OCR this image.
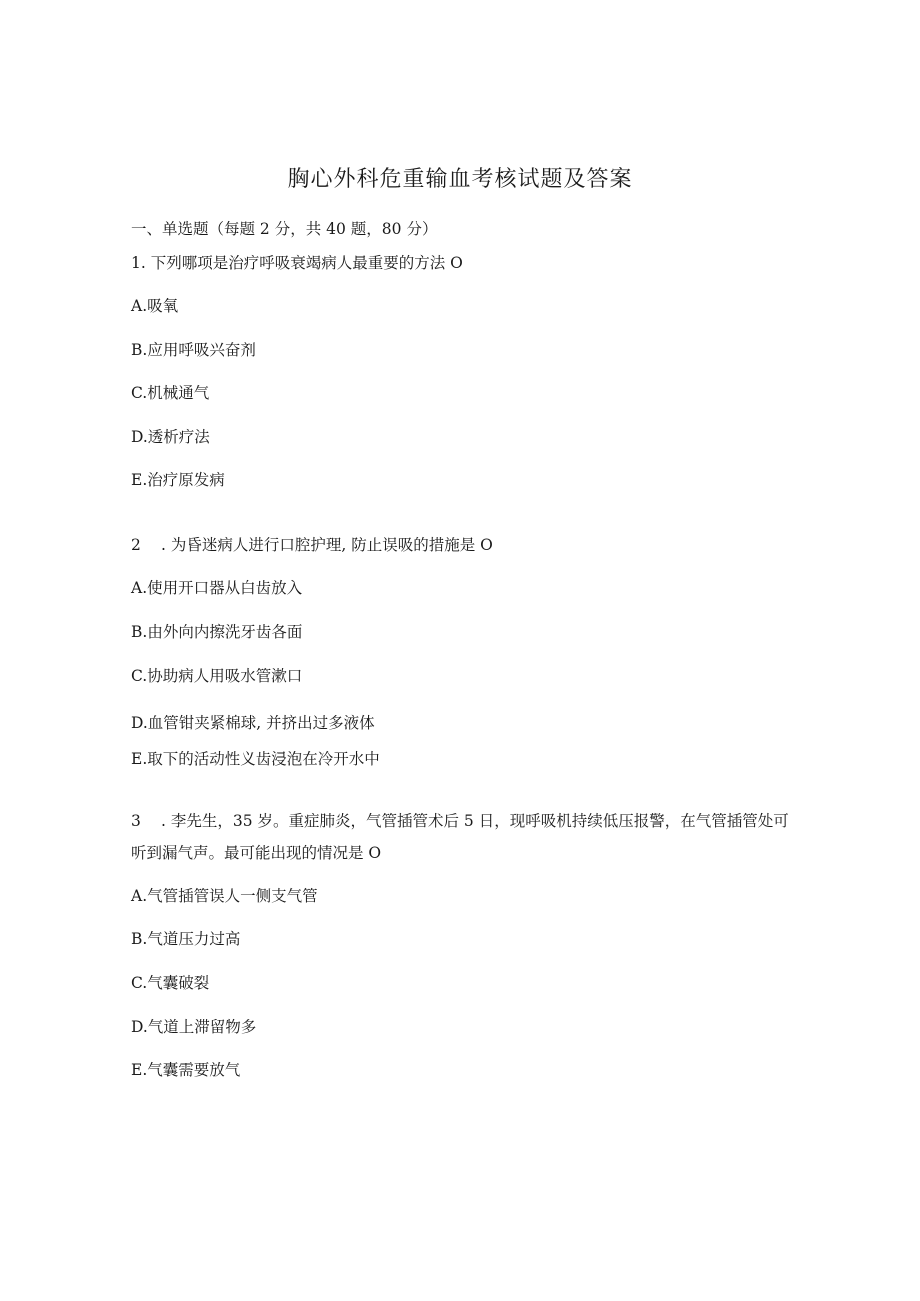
胸心外科危重输血考核试题及答案
一、单选题（每题 2 分，共 40 题，80 分）
1. 下列哪项是治疗呼吸衰竭病人最重要的方法 O
A.吸氧
B.应用呼吸兴奋剂
C.机械通气
D.透析疗法
E.治疗原发病
2 . 为昏迷病人进行口腔护理, 防止误吸的措施是 O
A.使用开口器从白齿放入
B.由外向内擦洗牙齿各面
C.协助病人用吸水管漱口
D.血管钳夹紧棉球, 并挤出过多液体
E.取下的活动性义齿浸泡在冷开水中
3 . 李先生，35 岁。重症肺炎，气管插管术后 5 日，现呼吸机持续低压报警，在气管插管处可听到漏气声。最可能出现的情况是 O
A.气管插管误人一侧支气管
B.气道压力过高
C.气囊破裂
D.气道上滞留物多
E.气囊需要放气
